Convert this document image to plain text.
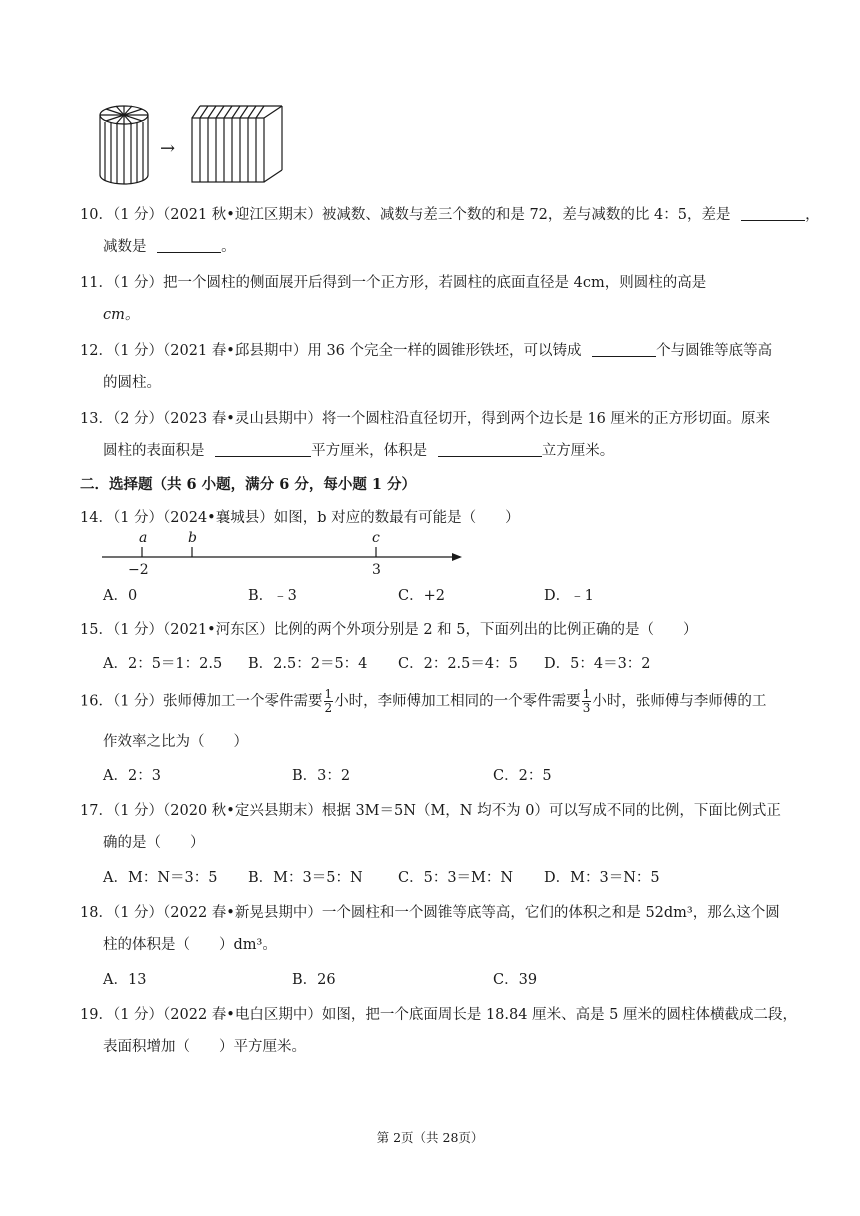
→
10．（1 分）（2021 秋•迎江区期末）被减数、减数与差三个数的和是 72，差与减数的比 4：5，差是	，
减数是	。
11．（1 分）把一个圆柱的侧面展开后得到一个正方形，若圆柱的底面直径是 4cm，则圆柱的高是
cm。
12．（1 分）（2021 春•邱县期中）用 36 个完全一样的圆锥形铁坯，可以铸成	个与圆锥等底等高
的圆柱。
13．（2 分）（2023 春•灵山县期中）将一个圆柱沿直径切开，得到两个边长是 16 厘米的正方形切面。原来
圆柱的表面积是	平方厘米，体积是	立方厘米。
二．选择题（共 6 小题，满分 6 分，每小题 1 分）
14．（1 分）（2024•襄城县）如图，b 对应的数最有可能是（　　）
a	b	c
−2	3
A．0	B．﹣3	C．+2	D．﹣1
15．（1 分）（2021•河东区）比例的两个外项分别是 2 和 5，下面列出的比例正确的是（　　）
A．2：5＝1：2.5 B．2.5：2＝5：4 C．2：2.5＝4：5 D．5：4＝3：2
16．（1 分）张师傅加工一个零件需要 $\frac{1}{2}$ 小时，李师傅加工相同的一个零件需要 $\frac{1}{3}$ 小时，张师傅与李师傅的工
作效率之比为（　　）
A．2：3	B．3：2	C．2：5
17．（1 分）（2020 秋•定兴县期末）根据 3M＝5N（M，N 均不为 0）可以写成不同的比例，下面比例式正
确的是（　　）
A．M：N＝3：5 B．M：3＝5：N C．5：3＝M：N D．M：3＝N：5
18．（1 分）（2022 春•新晃县期中）一个圆柱和一个圆锥等底等高，它们的体积之和是 52dm³，那么这个圆
柱的体积是（　　）dm³。
A．13	B．26	C．39
19．（1 分）（2022 春•电白区期中）如图，把一个底面周长是 18.84 厘米、高是 5 厘米的圆柱体横截成二段，
表面积增加（　　）平方厘米。
第 2页（共 28页）
